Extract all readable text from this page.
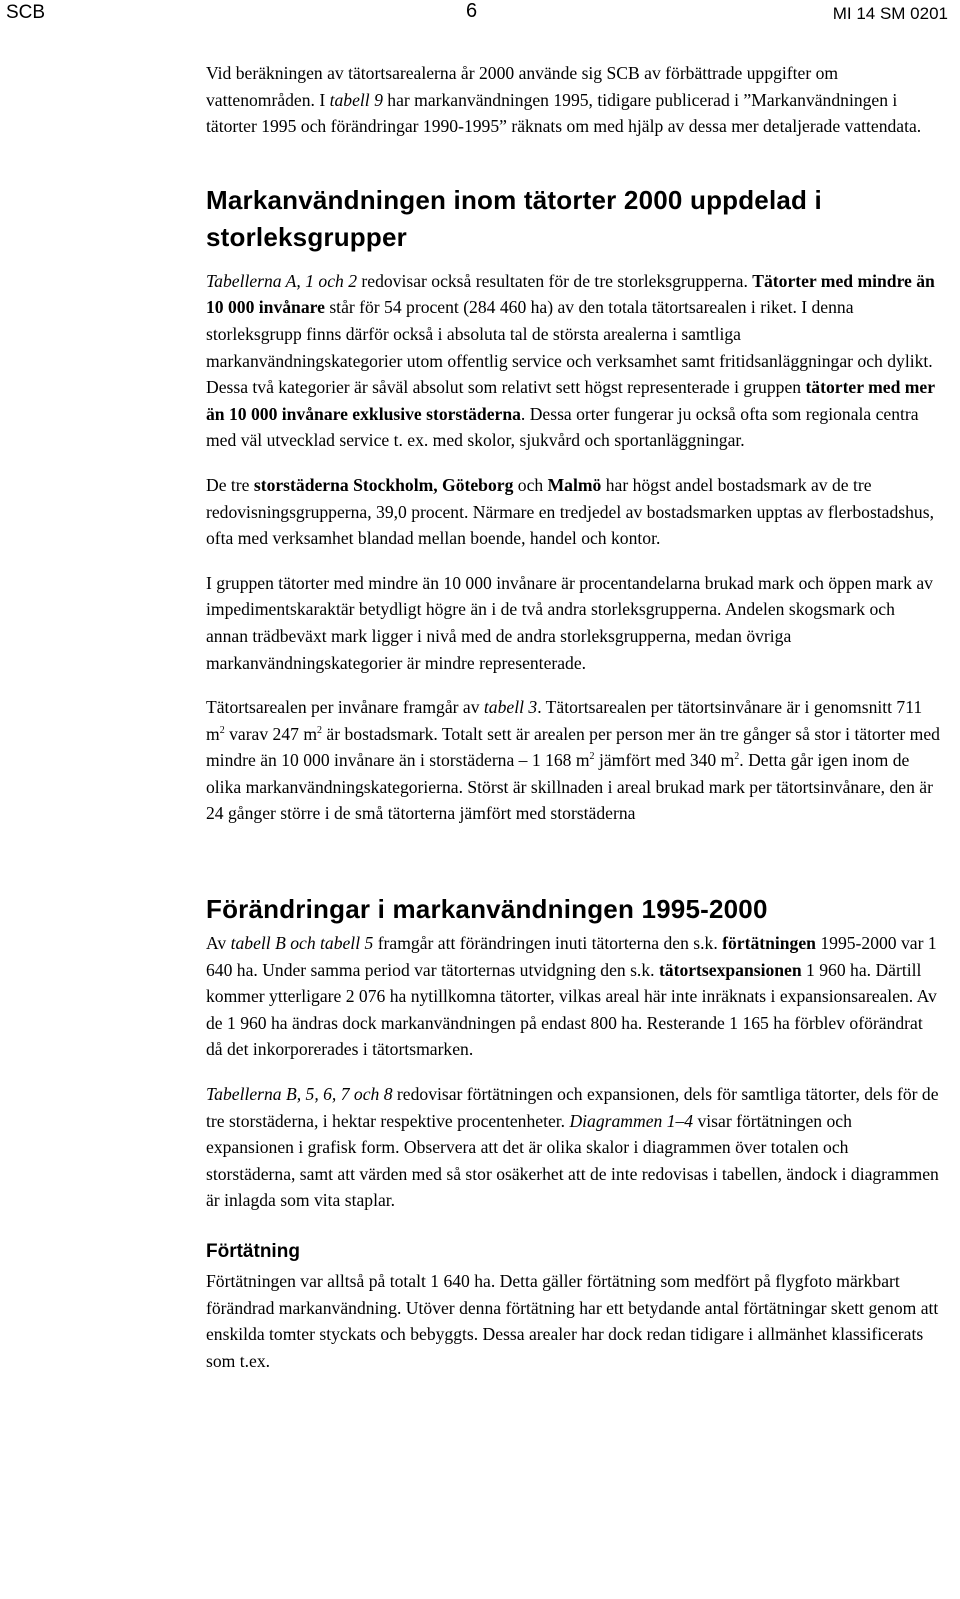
SCB	6	MI 14 SM 0201

Vid beräkningen av tätortsarealerna år 2000 använde sig SCB av förbättrade uppgifter om vattenområden. I tabell 9 har markanvändningen 1995, tidigare publicerad i ”Markanvändningen i tätorter 1995 och förändringar 1990-1995” räknats om med hjälp av dessa mer detaljerade vattendata.

Markanvändningen inom tätorter 2000 uppdelad i storleksgrupper

Tabellerna A, 1 och 2 redovisar också resultaten för de tre storleksgrupperna. Tätorter med mindre än 10 000 invånare står för 54 procent (284 460 ha) av den totala tätortsarealen i riket. I denna storleksgrupp finns därför också i absoluta tal de största arealerna i samtliga markanvändningskategorier utom offentlig service och verksamhet samt fritidsanläggningar och dylikt. Dessa två kategorier är såväl absolut som relativt sett högst representerade i gruppen tätorter med mer än 10 000 invånare exklusive storstäderna. Dessa orter fungerar ju också ofta som regionala centra med väl utvecklad service t. ex. med skolor, sjukvård och sportanläggningar.

De tre storstäderna Stockholm, Göteborg och Malmö har högst andel bostadsmark av de tre redovisningsgrupperna, 39,0 procent. Närmare en tredjedel av bostadsmarken upptas av flerbostadshus, ofta med verksamhet blandad mellan boende, handel och kontor.

I gruppen tätorter med mindre än 10 000 invånare är procentandelarna brukad mark och öppen mark av impedimentskaraktär betydligt högre än i de två andra storleksgrupperna. Andelen skogsmark och annan trädbeväxt mark ligger i nivå med de andra storleksgrupperna, medan övriga markanvändningskategorier är mindre representerade.

Tätortsarealen per invånare framgår av tabell 3. Tätortsarealen per tätortsinvånare är i genomsnitt 711 $m^2$ varav 247 $m^2$ är bostadsmark. Totalt sett är arealen per person mer än tre gånger så stor i tätorter med mindre än 10 000 invånare än i storstäderna – 1 168 $m^2$ jämfört med 340 $m^2$. Detta går igen inom de olika markanvändningskategorierna. Störst är skillnaden i areal brukad mark per tätortsinvånare, den är 24 gånger större i de små tätorterna jämfört med storstäderna

Förändringar i markanvändningen 1995-2000

Av tabell B och tabell 5 framgår att förändringen inuti tätorterna den s.k. förtätningen 1995-2000 var 1 640 ha. Under samma period var tätorternas utvidgning den s.k. tätortsexpansionen 1 960 ha. Därtill kommer ytterligare 2 076 ha nytillkomna tätorter, vilkas areal här inte inräknats i expansionsarealen. Av de 1 960 ha ändras dock markanvändningen på endast 800 ha. Resterande 1 165 ha förblev oförändrat då det inkorporerades i tätortsmarken.

Tabellerna B, 5, 6, 7 och 8 redovisar förtätningen och expansionen, dels för samtliga tätorter, dels för de tre storstäderna, i hektar respektive procentenheter. Diagrammen 1–4 visar förtätningen och expansionen i grafisk form. Observera att det är olika skalor i diagrammen över totalen och storstäderna, samt att värden med så stor osäkerhet att de inte redovisas i tabellen, ändock i diagrammen är inlagda som vita staplar.

Förtätning

Förtätningen var alltså på totalt 1 640 ha. Detta gäller förtätning som medfört på flygfoto märkbart förändrad markanvändning. Utöver denna förtätning har ett betydande antal förtätningar skett genom att enskilda tomter styckats och bebyggts. Dessa arealer har dock redan tidigare i allmänhet klassificerats som t.ex.
